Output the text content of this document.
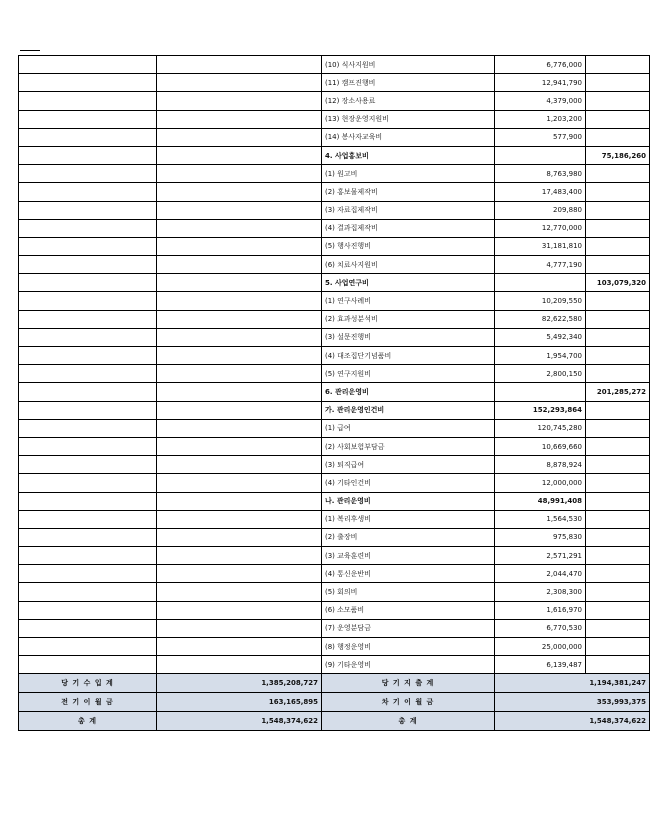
		(10) 식사지원비	6,776,000	
		(11) 캠프진행비	12,941,790	
		(12) 장소사용료	4,379,000	
		(13) 현장운영지원비	1,203,200	
		(14) 봉사자교육비	577,900	
		4. 사업홍보비		75,186,260
		(1) 원고비	8,763,980	
		(2) 홍보물제작비	17,483,400	
		(3) 자료집제작비	209,880	
		(4) 결과집제작비	12,770,000	
		(5) 행사진행비	31,181,810	
		(6) 치료사지원비	4,777,190	
		5. 사업연구비		103,079,320
		(1) 연구사례비	10,209,550	
		(2) 효과성분석비	82,622,580	
		(3) 설문진행비	5,492,340	
		(4) 대조집단기념품비	1,954,700	
		(5) 연구지원비	2,800,150	
		6. 관리운영비		201,285,272
		가. 관리운영인건비	152,293,864	
		(1) 급여	120,745,280	
		(2) 사회보험부담금	10,669,660	
		(3) 퇴직급여	8,878,924	
		(4) 기타인건비	12,000,000	
		나. 관리운영비	48,991,408	
		(1) 복리후생비	1,564,530	
		(2) 출장비	975,830	
		(3) 교육훈련비	2,571,291	
		(4) 통신운반비	2,044,470	
		(5) 회의비	2,308,300	
		(6) 소모품비	1,616,970	
		(7) 운영분담금	6,770,530	
		(8) 행정운영비	25,000,000	
		(9) 기타운영비	6,139,487	
당 기 수 입 계	1,385,208,727	당 기 지 출 계	1,194,381,247	
전 기 이 월 금	163,165,895	차 기 이 월 금	353,993,375	
총 계	1,548,374,622	총 계	1,548,374,622	
